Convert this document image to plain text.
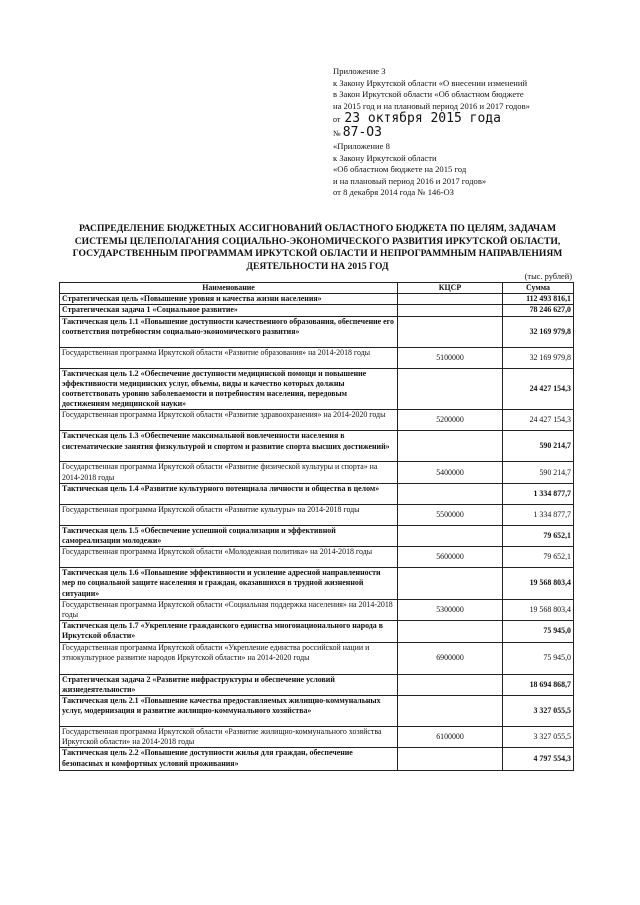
Приложение 3
к Закону Иркутской области «О внесении изменений
в Закон Иркутской области «Об областном бюджете
на 2015 год и на плановый период 2016 и 2017 годов»
от 23 октября 2015 года
№ 87-ОЗ
«Приложение 8
к Закону Иркутской области
«Об областном бюджете на 2015 год
и на плановый период 2016 и 2017 годов»
от 8 декабря 2014 года № 146-ОЗ
РАСПРЕДЕЛЕНИЕ БЮДЖЕТНЫХ АССИГНОВАНИЙ ОБЛАСТНОГО БЮДЖЕТА ПО ЦЕЛЯМ, ЗАДАЧАМ СИСТЕМЫ ЦЕЛЕПОЛАГАНИЯ СОЦИАЛЬНО-ЭКОНОМИЧЕСКОГО РАЗВИТИЯ ИРКУТСКОЙ ОБЛАСТИ, ГОСУДАРСТВЕННЫМ ПРОГРАММАМ ИРКУТСКОЙ ОБЛАСТИ И НЕПРОГРАММНЫМ НАПРАВЛЕНИЯМ ДЕЯТЕЛЬНОСТИ НА 2015 ГОД
(тыс. рублей)
Наименование	КЦСР	Сумма
Стратегическая цель «Повышение уровня и качества жизни населения»		112 493 816,1
Стратегическая задача 1 «Социальное развитие»		78 246 627,0
Тактическая цель 1.1 «Повышение доступности качественного образования, обеспечение его соответствия потребностям социально-экономического развития»		32 169 979,8
Государственная программа Иркутской области «Развитие образования» на 2014-2018 годы	5100000	32 169 979,8
Тактическая цель 1.2 «Обеспечение доступности медицинской помощи и повышение эффективности медицинских услуг, объемы, виды и качество которых должны соответствовать уровню заболеваемости и потребностям населения, передовым достижениям медицинской науки»		24 427 154,3
Государственная программа Иркутской области «Развитие здравоохранения» на 2014-2020 годы	5200000	24 427 154,3
Тактическая цель 1.3 «Обеспечение максимальной вовлеченности населения в систематические занятия физкультурой и спортом и развитие спорта высших достижений»		590 214,7
Государственная программа Иркутской области «Развитие физической культуры и спорта» на 2014-2018 годы	5400000	590 214,7
Тактическая цель 1.4 «Развитие культурного потенциала личности и общества в целом»		1 334 877,7
Государственная программа Иркутской области «Развитие культуры» на 2014-2018 годы	5500000	1 334 877,7
Тактическая цель 1.5 «Обеспечение успешной социализации и эффективной самореализации молодежи»		79 652,1
Государственная программа Иркутской области «Молодежная политика» на 2014-2018 годы	5600000	79 652,1
Тактическая цель 1.6 «Повышение эффективности и усиление адресной направленности мер по социальной защите населения и граждан, оказавшихся в трудной жизненной ситуации»		19 568 803,4
Государственная программа Иркутской области «Социальная поддержка населения» на 2014-2018 годы	5300000	19 568 803,4
Тактическая цель 1.7 «Укрепление гражданского единства многонационального народа в Иркутской области»		75 945,0
Государственная программа Иркутской области «Укрепление единства российской нации и этнокультурное развитие народов Иркутской области» на 2014-2020 годы	6900000	75 945,0
Стратегическая задача 2 «Развитие инфраструктуры и обеспечение условий жизнедеятельности»		18 694 868,7
Тактическая цель 2.1 «Повышение качества предоставляемых жилищно-коммунальных услуг, модернизация и развитие жилищно-коммунального хозяйства»		3 327 055,5
Государственная программа Иркутской области «Развитие жилищно-коммунального хозяйства Иркутской области» на 2014-2018 годы	6100000	3 327 055,5
Тактическая цель 2.2 «Повышение доступности жилья для граждан, обеспечение безопасных и комфортных условий проживания»		4 797 554,3
